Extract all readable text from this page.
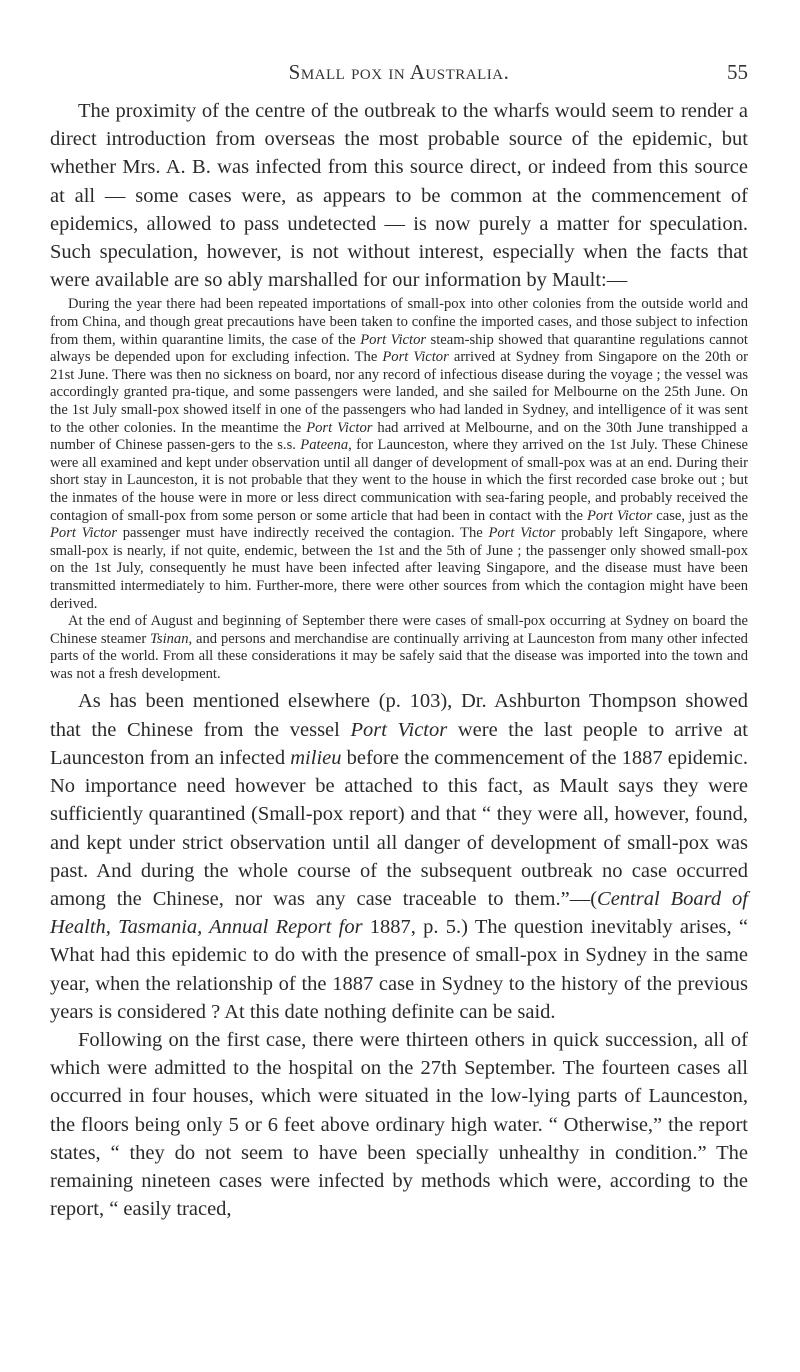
Small pox in Australia.	55

The proximity of the centre of the outbreak to the wharfs would seem to render a direct introduction from overseas the most probable source of the epidemic, but whether Mrs. A. B. was infected from this source direct, or indeed from this source at all — some cases were, as appears to be common at the commencement of epidemics, allowed to pass undetected — is now purely a matter for speculation. Such speculation, however, is not without interest, especially when the facts that were available are so ably marshalled for our information by Mault:—

During the year there had been repeated importations of small-pox into other colonies from the outside world and from China, and though great precautions have been taken to confine the imported cases, and those subject to infection from them, within quarantine limits, the case of the Port Victor steam-ship showed that quarantine regulations cannot always be depended upon for excluding infection. The Port Victor arrived at Sydney from Singapore on the 20th or 21st June. There was then no sickness on board, nor any record of infectious disease during the voyage ; the vessel was accordingly granted pra-tique, and some passengers were landed, and she sailed for Melbourne on the 25th June. On the 1st July small-pox showed itself in one of the passengers who had landed in Sydney, and intelligence of it was sent to the other colonies. In the meantime the Port Victor had arrived at Melbourne, and on the 30th June transhipped a number of Chinese passen-gers to the s.s. Pateena, for Launceston, where they arrived on the 1st July. These Chinese were all examined and kept under observation until all danger of development of small-pox was at an end. During their short stay in Launceston, it is not probable that they went to the house in which the first recorded case broke out ; but the inmates of the house were in more or less direct communication with sea-faring people, and probably received the contagion of small-pox from some person or some article that had been in contact with the Port Victor case, just as the Port Victor passenger must have indirectly received the contagion. The Port Victor probably left Singapore, where small-pox is nearly, if not quite, endemic, between the 1st and the 5th of June ; the passenger only showed small-pox on the 1st July, consequently he must have been infected after leaving Singapore, and the disease must have been transmitted intermediately to him. Further-more, there were other sources from which the contagion might have been derived.

At the end of August and beginning of September there were cases of small-pox occurring at Sydney on board the Chinese steamer Tsinan, and persons and merchandise are continually arriving at Launceston from many other infected parts of the world. From all these considerations it may be safely said that the disease was imported into the town and was not a fresh development.

As has been mentioned elsewhere (p. 103), Dr. Ashburton Thompson showed that the Chinese from the vessel Port Victor were the last people to arrive at Launceston from an infected milieu before the commencement of the 1887 epidemic. No importance need however be attached to this fact, as Mault says they were sufficiently quarantined (Small-pox report) and that “ they were all, however, found, and kept under strict observation until all danger of development of small-pox was past. And during the whole course of the subsequent outbreak no case occurred among the Chinese, nor was any case traceable to them.”—(Central Board of Health, Tasmania, Annual Report for 1887, p. 5.) The question inevitably arises, “ What had this epidemic to do with the presence of small-pox in Sydney in the same year, when the relationship of the 1887 case in Sydney to the history of the previous years is considered ? At this date nothing definite can be said.

Following on the first case, there were thirteen others in quick succession, all of which were admitted to the hospital on the 27th September. The fourteen cases all occurred in four houses, which were situated in the low-lying parts of Launceston, the floors being only 5 or 6 feet above ordinary high water. “ Otherwise,” the report states, “ they do not seem to have been specially unhealthy in condition.” The remaining nineteen cases were infected by methods which were, according to the report, “ easily traced,
